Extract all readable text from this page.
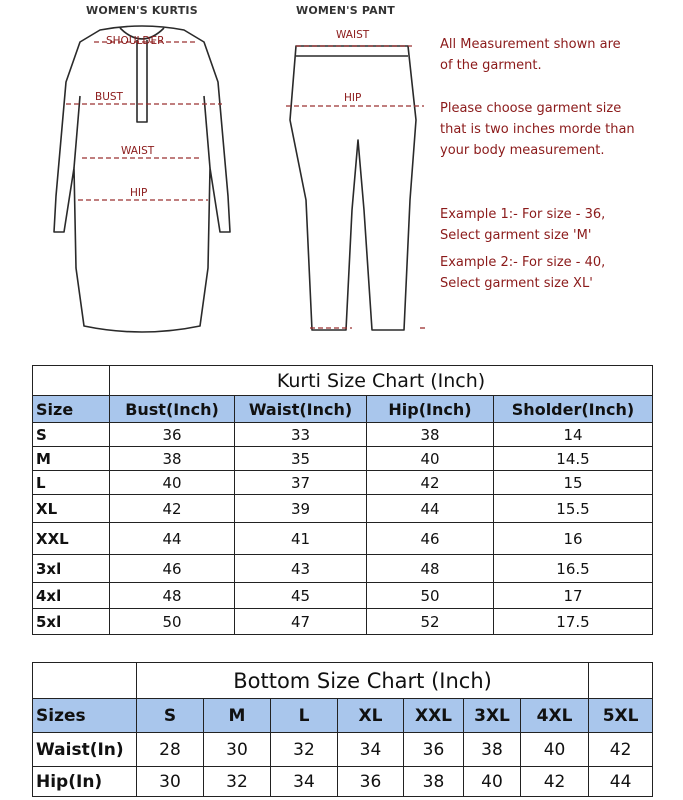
WOMEN'S KURTIS	WOMEN'S PANT
SHOULDER
BUST
WAIST
HIP
WAIST
HIP

All Measurement shown are

of the garment.

Please choose garment size

that is two inches morde than

your body measurement.

Example 1:- For size - 36,

Select garment size 'M'

Example 2:- For size - 40,

Select garment size XL'

	Kurti Size Chart (Inch)			
Size	Bust(Inch)	Waist(Inch)	Hip(Inch)	Sholder(Inch)
S	36	33	38	14
M	38	35	40	14.5
L	40	37	42	15
XL	42	39	44	15.5
XXL	44	41	46	16
3xl	46	43	48	16.5
4xl	48	45	50	17
5xl	50	47	52	17.5
	Bottom Size Chart (Inch)							
Sizes	S	M	L	XL	XXL	3XL	4XL	5XL
Waist(In)	28	30	32	34	36	38	40	42
Hip(In)	30	32	34	36	38	40	42	44
